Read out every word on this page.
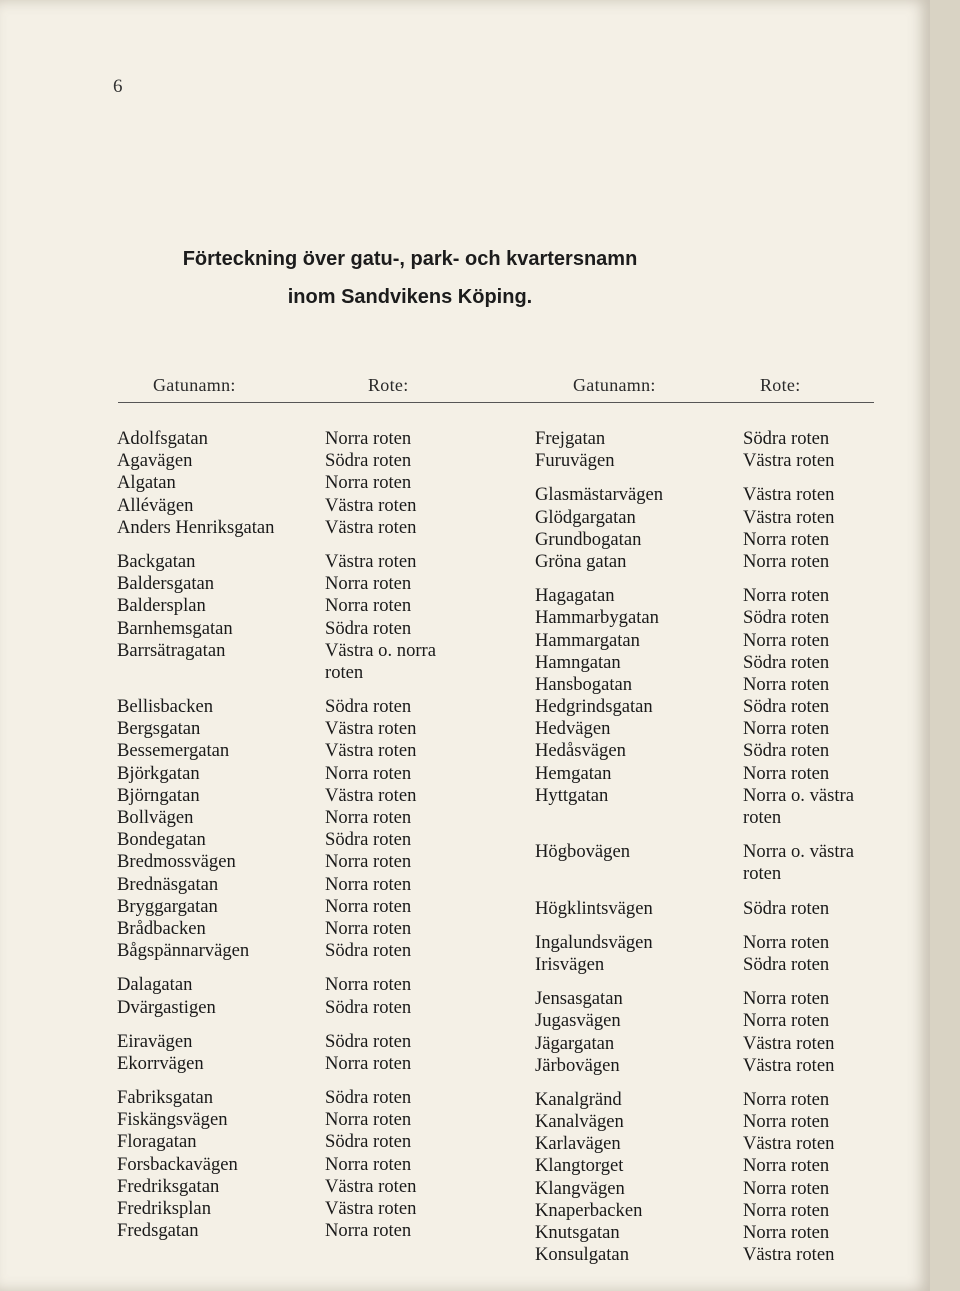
6
Förteckning över gatu-, park- och kvartersnamn
inom Sandvikens Köping.
Gatunamn:	Rote:	Gatunamn:	Rote:
Adolfsgatan	Norra roten
Agavägen	Södra roten
Algatan	Norra roten
Allévägen	Västra roten
Anders Henriksgatan	Västra roten
Backgatan	Västra roten
Baldersgatan	Norra roten
Baldersplan	Norra roten
Barnhemsgatan	Södra roten
Barrsätragatan	Västra o. norra
roten
Bellisbacken	Södra roten
Bergsgatan	Västra roten
Bessemergatan	Västra roten
Björkgatan	Norra roten
Björngatan	Västra roten
Bollvägen	Norra roten
Bondegatan	Södra roten
Bredmossvägen	Norra roten
Brednäsgatan	Norra roten
Bryggargatan	Norra roten
Brådbacken	Norra roten
Bågspännarvägen	Södra roten
Dalagatan	Norra roten
Dvärgastigen	Södra roten
Eiravägen	Södra roten
Ekorrvägen	Norra roten
Fabriksgatan	Södra roten
Fiskängsvägen	Norra roten
Floragatan	Södra roten
Forsbackavägen	Norra roten
Fredriksgatan	Västra roten
Fredriksplan	Västra roten
Fredsgatan	Norra roten
Frejgatan	Södra roten
Furuvägen	Västra roten
Glasmästarvägen	Västra roten
Glödgargatan	Västra roten
Grundbogatan	Norra roten
Gröna gatan	Norra roten
Hagagatan	Norra roten
Hammarbygatan	Södra roten
Hammargatan	Norra roten
Hamngatan	Södra roten
Hansbogatan	Norra roten
Hedgrindsgatan	Södra roten
Hedvägen	Norra roten
Hedåsvägen	Södra roten
Hemgatan	Norra roten
Hyttgatan	Norra o. västra
roten
Högbovägen	Norra o. västra
roten
Högklintsvägen	Södra roten
Ingalundsvägen	Norra roten
Irisvägen	Södra roten
Jensasgatan	Norra roten
Jugasvägen	Norra roten
Jägargatan	Västra roten
Järbovägen	Västra roten
Kanalgränd	Norra roten
Kanalvägen	Norra roten
Karlavägen	Västra roten
Klangtorget	Norra roten
Klangvägen	Norra roten
Knaperbacken	Norra roten
Knutsgatan	Norra roten
Konsulgatan	Västra roten
